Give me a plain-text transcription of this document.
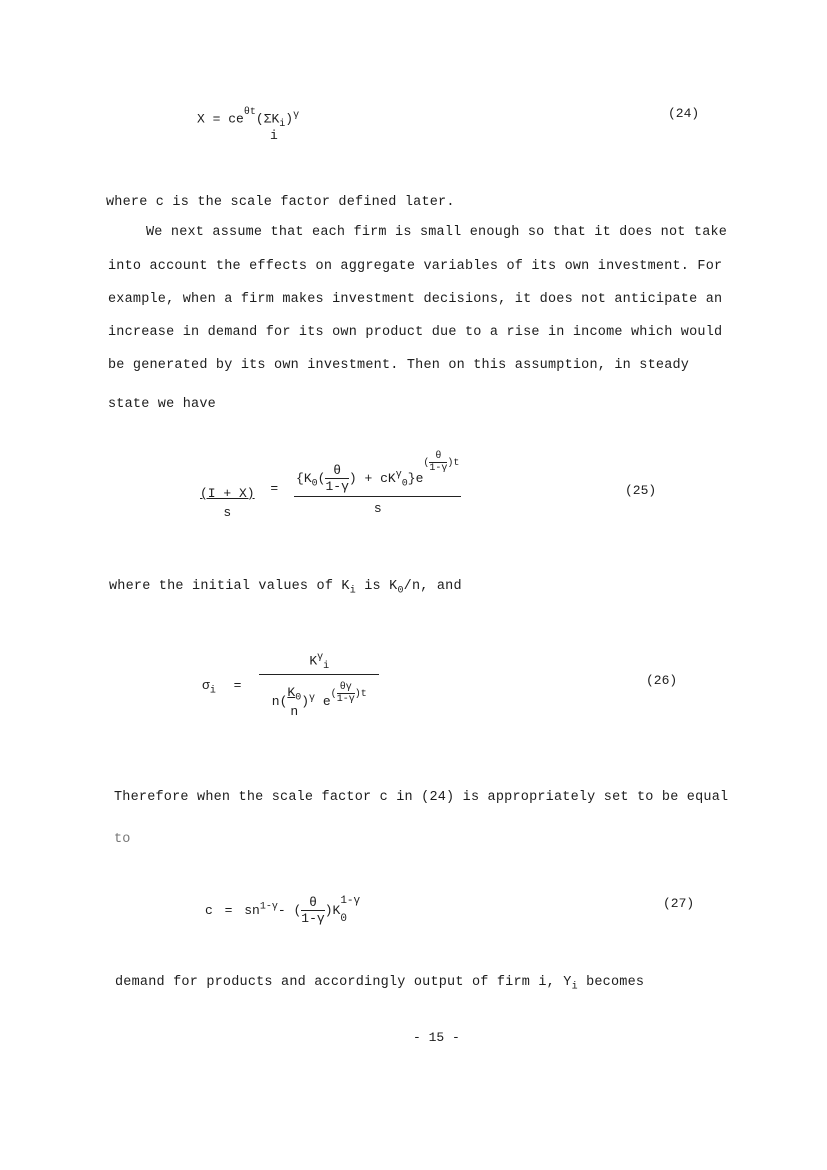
$X = ce^{\theta t}(\Sigma K_i)^\gamma$
i
(24)
where c is the scale factor defined later.
We next assume that each firm is small enough so that it does not take
into account the effects on aggregate variables of its own investment. For
example, when a firm makes investment decisions, it does not anticipate an
increase in demand for its own product due to a rise in income which would
be generated by its own investment. Then on this assumption, in steady
state we have
$\frac{(I + X)}{s} = \{K_0( \frac{\theta}{1-\gamma}$ ) + $cK^\gamma_0\}e^{( \frac{\theta}{1-\gamma} )t}$
s	(25)
where the initial values of $K_i$ is $K_0/n$, and
$\sigma_i = K^\gamma_i$
$n( \frac{K_0}{n} )^\gamma$ $e^{( \frac{\theta\gamma}{1-\gamma} )t}$	(26)
Therefore when the scale factor c in (24) is appropriately set to be equal
to
$c = sn^{1-\gamma}-$ ( $\frac{\theta}{1-\gamma} )K$
1-γ
0
(27)
demand for products and accordingly output of firm i, $Y_i$ becomes
- 15 -
